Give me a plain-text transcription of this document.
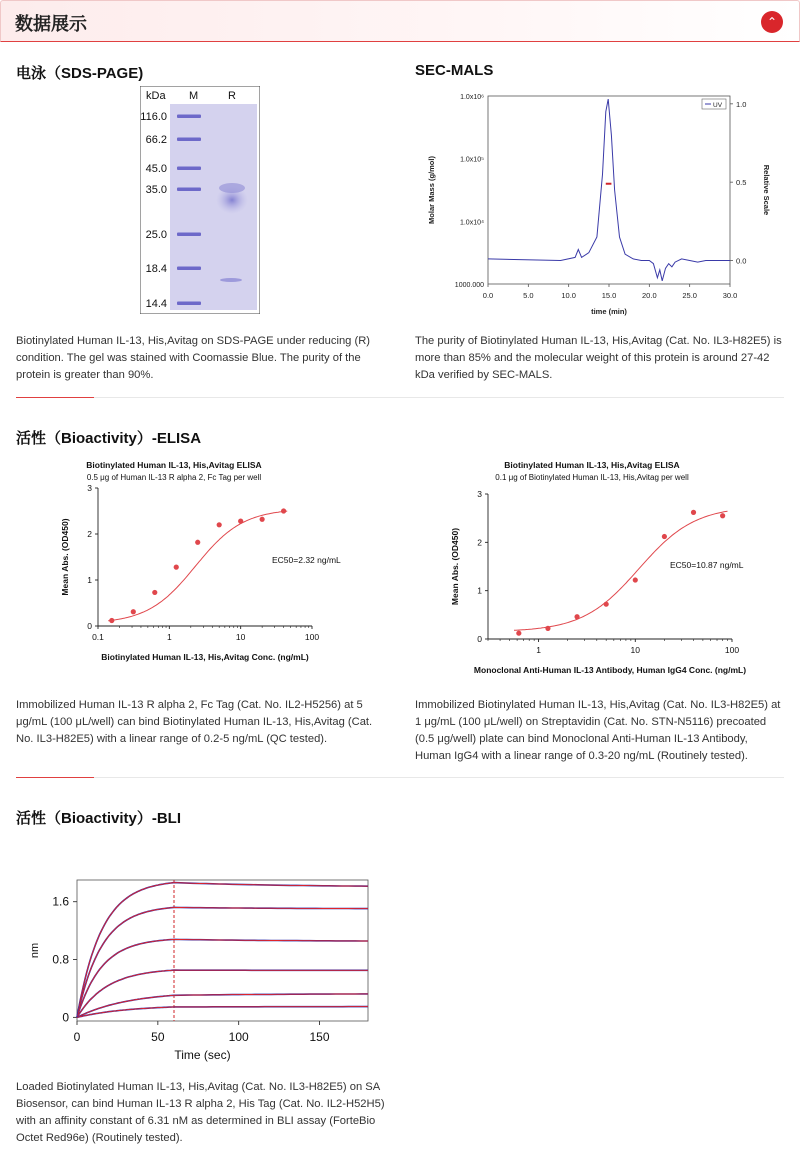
数据展示	⌃
电泳（SDS-PAGE)
kDa M	R
116.0
66.2
45.0
35.0
25.0
18.4
14.4
Biotinylated Human IL-13, His,Avitag on SDS-PAGE under reducing (R) condition. The gel was stained with Coomassie Blue. The purity of the protein is greater than 90%.
SEC-MALS
0.0	5.0	10.0	15.0	20.0	25.0	30.0
1000.000
1.0x10⁴
1.0x10⁵
1.0x10⁶
0.0
0.5
1.0
time (min)
Molar Mass (g/mol)	Relative Scale
UV
The purity of Biotinylated Human IL-13, His,Avitag (Cat. No. IL3-H82E5) is more than 85% and the molecular weight of this protein is around 27-42 kDa verified by SEC-MALS.
活性（Bioactivity）-ELISA
Biotinylated Human IL-13, His,Avitag ELISA
0.5 μg of Human IL-13 R alpha 2, Fc Tag per well
0
1
2
3
0.1	1	10	100
Biotinylated Human IL-13, His,Avitag Conc. (ng/mL)
Mean Abs. (OD450)	EC50=2.32 ng/mL
Biotinylated Human IL-13, His,Avitag ELISA
0.1 μg of Biotinylated Human IL-13, His,Avitag per well
0
1
2
3
1	10	100
Monoclonal Anti-Human IL-13 Antibody, Human IgG4 Conc. (ng/mL)
Mean Abs. (OD450)	EC50=10.87 ng/mL
Immobilized Human IL-13 R alpha 2, Fc Tag (Cat. No. IL2-H5256) at 5 μg/mL (100 μL/well) can bind Biotinylated Human IL-13, His,Avitag (Cat. No. IL3-H82E5) with a linear range of 0.2-5 ng/mL (QC tested).
Immobilized Biotinylated Human IL-13, His,Avitag (Cat. No. IL3-H82E5) at 1 μg/mL (100 μL/well) on Streptavidin (Cat. No. STN-N5116) precoated (0.5 μg/well) plate can bind Monoclonal Anti-Human IL-13 Antibody, Human IgG4 with a linear range of 0.3-20 ng/mL (Routinely tested).
活性（Bioactivity）-BLI
0	50	100	150
0
0.8
1.6
Time (sec)
nm
Loaded Biotinylated Human IL-13, His,Avitag (Cat. No. IL3-H82E5) on SA Biosensor, can bind Human IL-13 R alpha 2, His Tag (Cat. No. IL2-H52H5) with an affinity constant of 6.31 nM as determined in BLI assay (ForteBio Octet Red96e) (Routinely tested).
